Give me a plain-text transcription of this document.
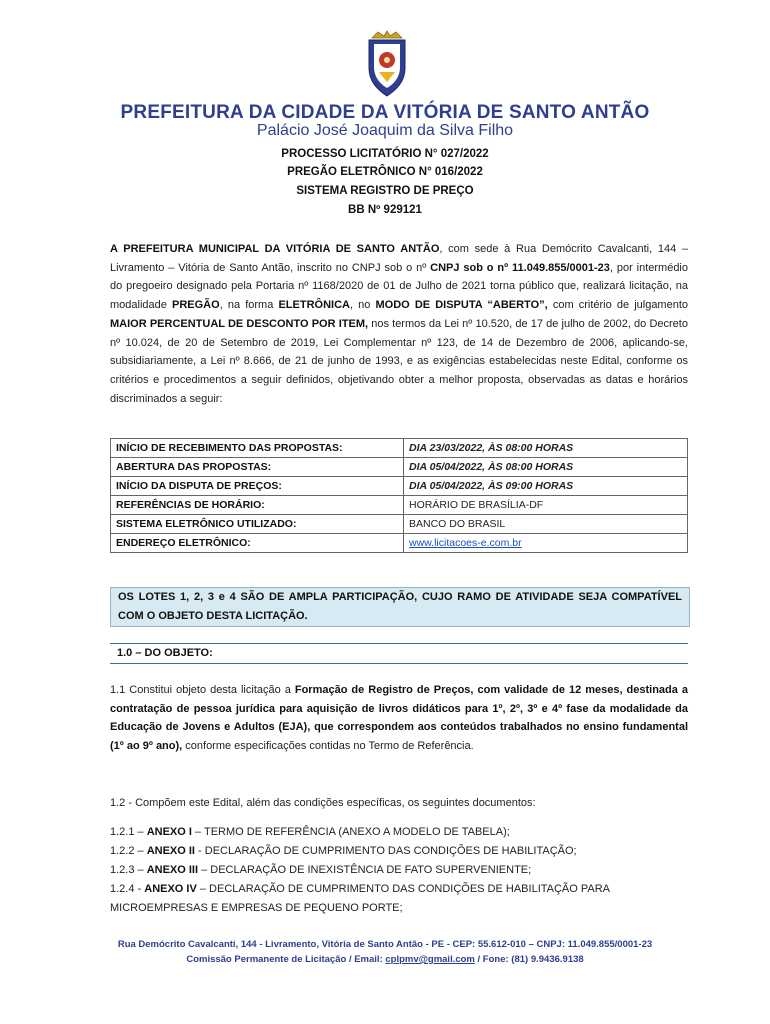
PREFEITURA DA CIDADE DA VITÓRIA DE SANTO ANTÃO
Palácio José Joaquim da Silva Filho
PROCESSO LICITATÓRIO N° 027/2022
PREGÃO ELETRÔNICO N° 016/2022
SISTEMA REGISTRO DE PREÇO
BB Nº 929121
A PREFEITURA MUNICIPAL DA VITÓRIA DE SANTO ANTÃO, com sede à Rua Demócrito Cavalcanti, 144 – Livramento – Vitória de Santo Antão, inscrito no CNPJ sob o nº CNPJ sob o nº 11.049.855/0001-23, por intermédio do pregoeiro designado pela Portaria nº 1168/2020 de 01 de Julho de 2021 torna público que, realizará licitação, na modalidade PREGÃO, na forma ELETRÔNICA, no MODO DE DISPUTA “ABERTO”, com critério de julgamento MAIOR PERCENTUAL DE DESCONTO POR ITEM, nos termos da Lei nº 10.520, de 17 de julho de 2002, do Decreto nº 10.024, de 20 de Setembro de 2019, Lei Complementar nº 123, de 14 de Dezembro de 2006, aplicando-se, subsidiariamente, a Lei nº 8.666, de 21 de junho de 1993, e as exigências estabelecidas neste Edital, conforme os critérios e procedimentos a seguir definidos, objetivando obter a melhor proposta, observadas as datas e horários discriminados a seguir:
INÍCIO DE RECEBIMENTO DAS PROPOSTAS:	DIA 23/03/2022, ÀS 08:00 HORAS
ABERTURA DAS PROPOSTAS:	DIA 05/04/2022, ÀS 08:00 HORAS
INÍCIO DA DISPUTA DE PREÇOS:	DIA 05/04/2022, ÀS 09:00 HORAS
REFERÊNCIAS DE HORÁRIO:	HORÁRIO DE BRASÍLIA-DF
SISTEMA ELETRÔNICO UTILIZADO:	BANCO DO BRASIL
ENDEREÇO ELETRÔNICO:	www.licitacoes-e.com.br
OS LOTES 1, 2, 3 e 4 SÃO DE AMPLA PARTICIPAÇÃO, CUJO RAMO DE ATIVIDADE SEJA COMPATÍVEL COM O OBJETO DESTA LICITAÇÃO.
1.0 – DO OBJETO:
1.1 Constitui objeto desta licitação a Formação de Registro de Preços, com validade de 12 meses, destinada a contratação de pessoa jurídica para aquisição de livros didáticos para 1º, 2º, 3º e 4º fase da modalidade da Educação de Jovens e Adultos (EJA), que correspondem aos conteúdos trabalhados no ensino fundamental (1º ao 9º ano), conforme especificações contidas no Termo de Referência.
1.2 - Compõem este Edital, além das condições específicas, os seguintes documentos:
1.2.1 – ANEXO I – TERMO DE REFERÊNCIA (ANEXO A MODELO DE TABELA);
1.2.2 – ANEXO II - DECLARAÇÃO DE CUMPRIMENTO DAS CONDIÇÕES DE HABILITAÇÃO;
1.2.3 – ANEXO III – DECLARAÇÃO DE INEXISTÊNCIA DE FATO SUPERVENIENTE;
1.2.4 - ANEXO IV – DECLARAÇÃO DE CUMPRIMENTO DAS CONDIÇÕES DE HABILITAÇÃO PARA
MICROEMPRESAS E EMPRESAS DE PEQUENO PORTE;
Rua Demócrito Cavalcanti, 144 - Livramento, Vitória de Santo Antão - PE - CEP: 55.612-010 – CNPJ: 11.049.855/0001-23
Comissão Permanente de Licitação / Email: cplpmv@gmail.com / Fone: (81) 9.9436.9138
